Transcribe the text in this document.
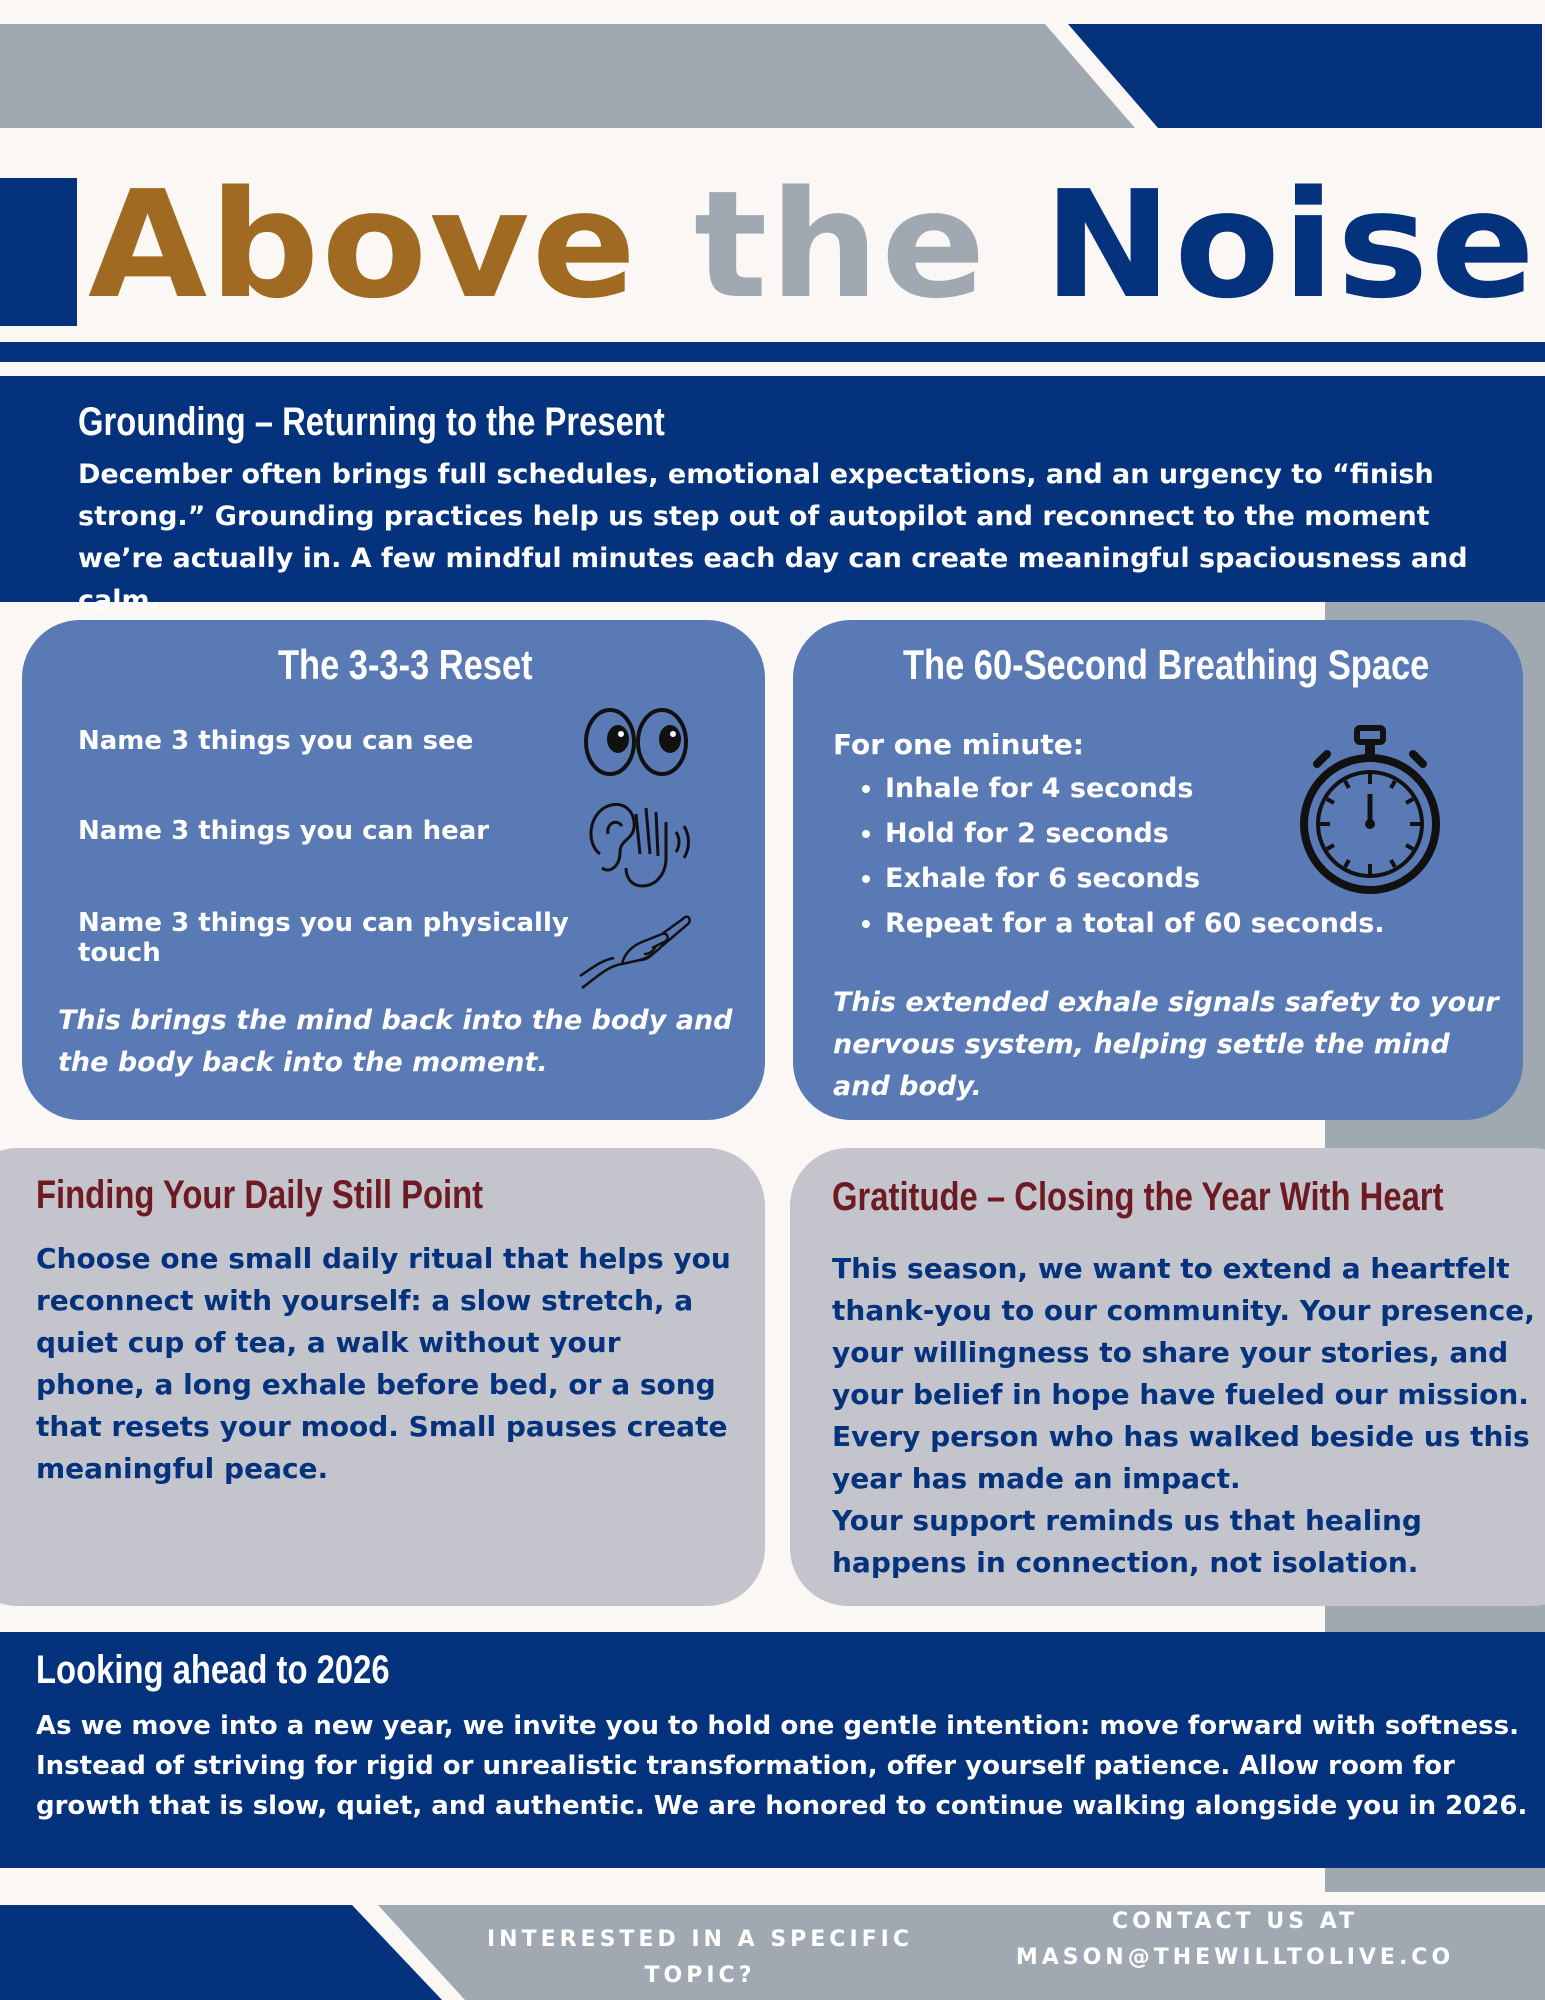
Above the Noise
Grounding – Returning to the Present
December often brings full schedules, emotional expectations, and an urgency to “finish strong.” Grounding practices help us step out of autopilot and reconnect to the moment we’re actually in. A few mindful minutes each day can create meaningful spaciousness and calm.
The 3-3-3 Reset
Name 3 things you can see
Name 3 things you can hear
Name 3 things you can physically touch
This brings the mind back into the body and the body back into the moment.
The 60-Second Breathing Space
For one minute:
• Inhale for 4 seconds
• Hold for 2 seconds
• Exhale for 6 seconds
• Repeat for a total of 60 seconds.
This extended exhale signals safety to your nervous system, helping settle the mind and body.
Finding Your Daily Still Point
Choose one small daily ritual that helps you reconnect with yourself: a slow stretch, a quiet cup of tea, a walk without your phone, a long exhale before bed, or a song that resets your mood. Small pauses create meaningful peace.
Gratitude – Closing the Year With Heart
This season, we want to extend a heartfelt thank-you to our community. Your presence, your willingness to share your stories, and your belief in hope have fueled our mission. Every person who has walked beside us this year has made an impact.
Your support reminds us that healing happens in connection, not isolation.
Looking ahead to 2026
As we move into a new year, we invite you to hold one gentle intention: move forward with softness. Instead of striving for rigid or unrealistic transformation, offer yourself patience. Allow room for growth that is slow, quiet, and authentic. We are honored to continue walking alongside you in 2026.
INTERESTED IN A SPECIFIC TOPIC?
CONTACT US AT
MASON@THEWILLTOLIVE.CO
